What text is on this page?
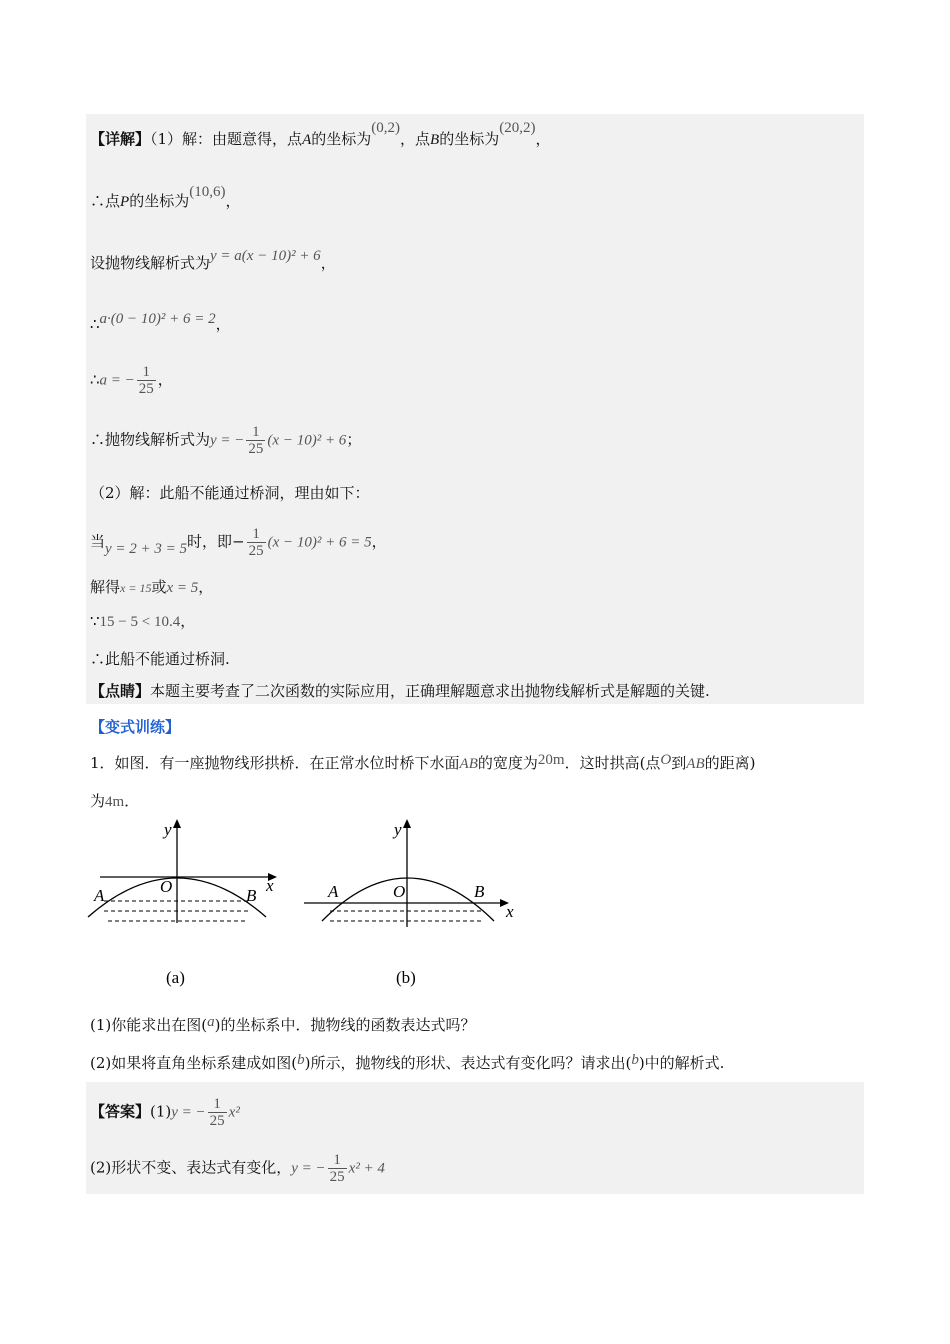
【详解】（1）解：由题意得，点A的坐标为(0,2)，点B的坐标为(20,2)，
∴点P的坐标为(10,6)，
设抛物线解析式为y = a(x − 10)² + 6，
∴a·(0 − 10)² + 6 = 2，
∴a = − $\frac{1}{25}$ ，
∴抛物线解析式为y = − $\frac{1}{25} (x - 10)^2 + 6$；
（2）解：此船不能通过桥洞，理由如下：
当y = 2 + 3 = 5时，即− $\frac{1}{25} (x - 10)^2 + 6 = 5$，
解得x = 15或x = 5，
∵15 − 5 < 10.4，
∴此船不能通过桥洞.
【点睛】本题主要考查了二次函数的实际应用，正确理解题意求出抛物线解析式是解题的关键.
【变式训练】
1．如图．有一座抛物线形拱桥．在正常水位时桥下水面AB的宽度为20m．这时拱高(点O到AB的距离)
为4m．
y
x
O
A	B
(a)
y
x
O
A	B
(b)
(1)你能求出在图(a)的坐标系中．抛物线的函数表达式吗？
(2)如果将直角坐标系建成如图(b)所示，抛物线的形状、表达式有变化吗？请求出(b)中的解析式.
【答案】(1)y = − $\frac{1}{25} x^2$
(2)形状不变、表达式有变化，y = − $\frac{1}{25} x^2 + 4$
